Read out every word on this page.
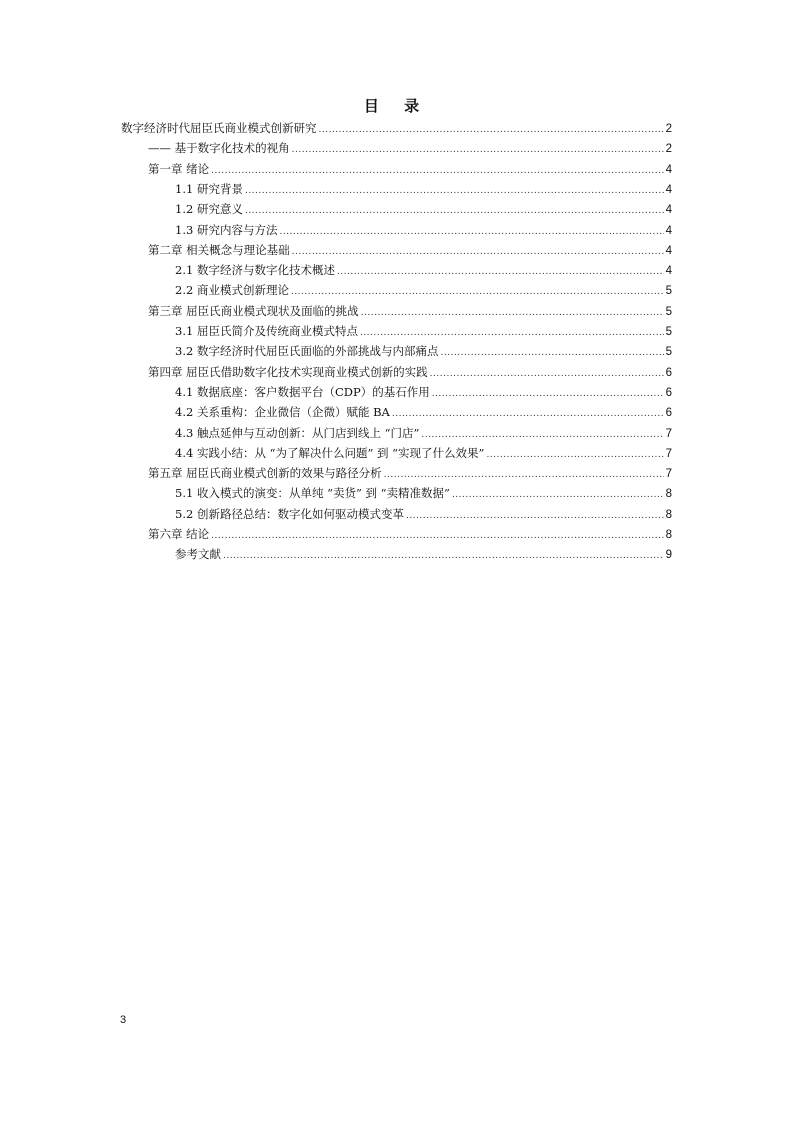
目 录
数字经济时代屈臣氏商业模式创新研究 .....	2
—— 基于数字化技术的视角 .....	2
第一章 绪论 .....	4
1.1 研究背景 .....	4
1.2 研究意义 .....	4
1.3 研究内容与方法 .....	4
第二章 相关概念与理论基础 .....	4
2.1 数字经济与数字化技术概述 .....	4
2.2 商业模式创新理论 .....	5
第三章 屈臣氏商业模式现状及面临的挑战 .....	5
3.1 屈臣氏简介及传统商业模式特点 .....	5
3.2 数字经济时代屈臣氏面临的外部挑战与内部痛点 .....	5
第四章 屈臣氏借助数字化技术实现商业模式创新的实践 .....	6
4.1 数据底座：客户数据平台（CDP）的基石作用 .....	6
4.2 关系重构：企业微信（企微）赋能 BA .....	6
4.3 触点延伸与互动创新：从门店到线上 “门店” .....	7
4.4 实践小结：从 “为了解决什么问题” 到 “实现了什么效果” .....	7
第五章 屈臣氏商业模式创新的效果与路径分析 .....	7
5.1 收入模式的演变：从单纯 “卖货” 到 “卖精准数据” .....	8
5.2 创新路径总结：数字化如何驱动模式变革 .....	8
第六章 结论 .....	8
参考文献 .....	9
3
